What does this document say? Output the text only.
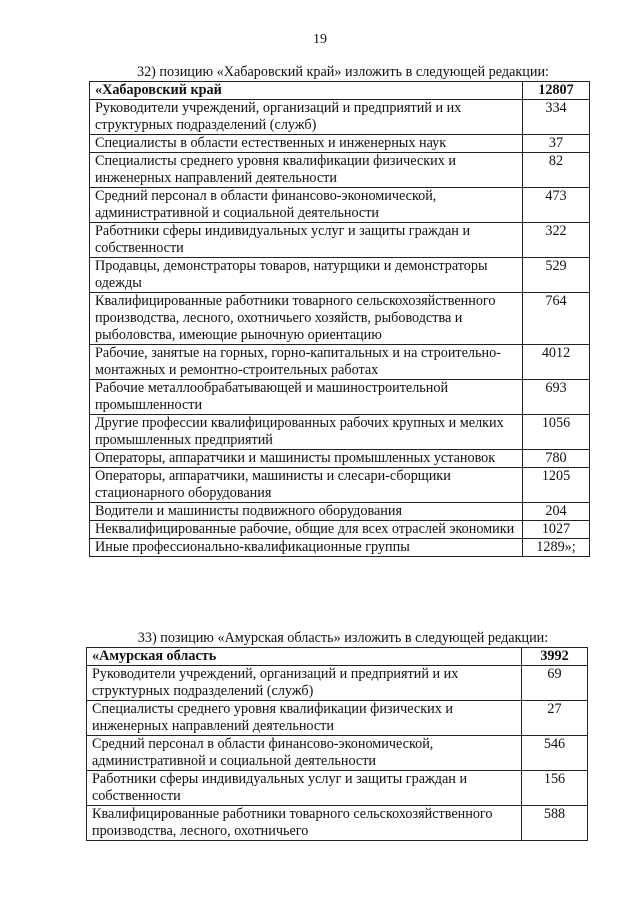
19
32) позицию «Хабаровский край» изложить в следующей редакции:
«Хабаровский край	12807
Руководители учреждений, организаций и предприятий и их структурных подразделений (служб)	334
Специалисты в области естественных и инженерных наук	37
Специалисты среднего уровня квалификации физических и инженерных направлений деятельности	82
Средний персонал в области финансово-экономической, административной и социальной деятельности	473
Работники сферы индивидуальных услуг и защиты граждан и собственности	322
Продавцы, демонстраторы товаров, натурщики и демонстраторы одежды	529
Квалифицированные работники товарного сельскохозяйственного производства, лесного, охотничьего хозяйств, рыбоводства и рыболовства, имеющие рыночную ориентацию	764
Рабочие, занятые на горных, горно-капитальных и на строительно-монтажных и ремонтно-строительных работах	4012
Рабочие металлообрабатывающей и машиностроительной промышленности	693
Другие профессии квалифицированных рабочих крупных и мелких промышленных предприятий	1056
Операторы, аппаратчики и машинисты промышленных установок	780
Операторы, аппаратчики, машинисты и слесари-сборщики стационарного оборудования	1205
Водители и машинисты подвижного оборудования	204
Неквалифицированные рабочие, общие для всех отраслей экономики	1027
Иные профессионально-квалификационные группы	1289»;
33) позицию «Амурская область» изложить в следующей редакции:
«Амурская область	3992
Руководители учреждений, организаций и предприятий и их структурных подразделений (служб)	69
Специалисты среднего уровня квалификации физических и инженерных направлений деятельности	27
Средний персонал в области финансово-экономической, административной и социальной деятельности	546
Работники сферы индивидуальных услуг и защиты граждан и собственности	156
Квалифицированные работники товарного сельскохозяйственного производства, лесного, охотничьего	588
